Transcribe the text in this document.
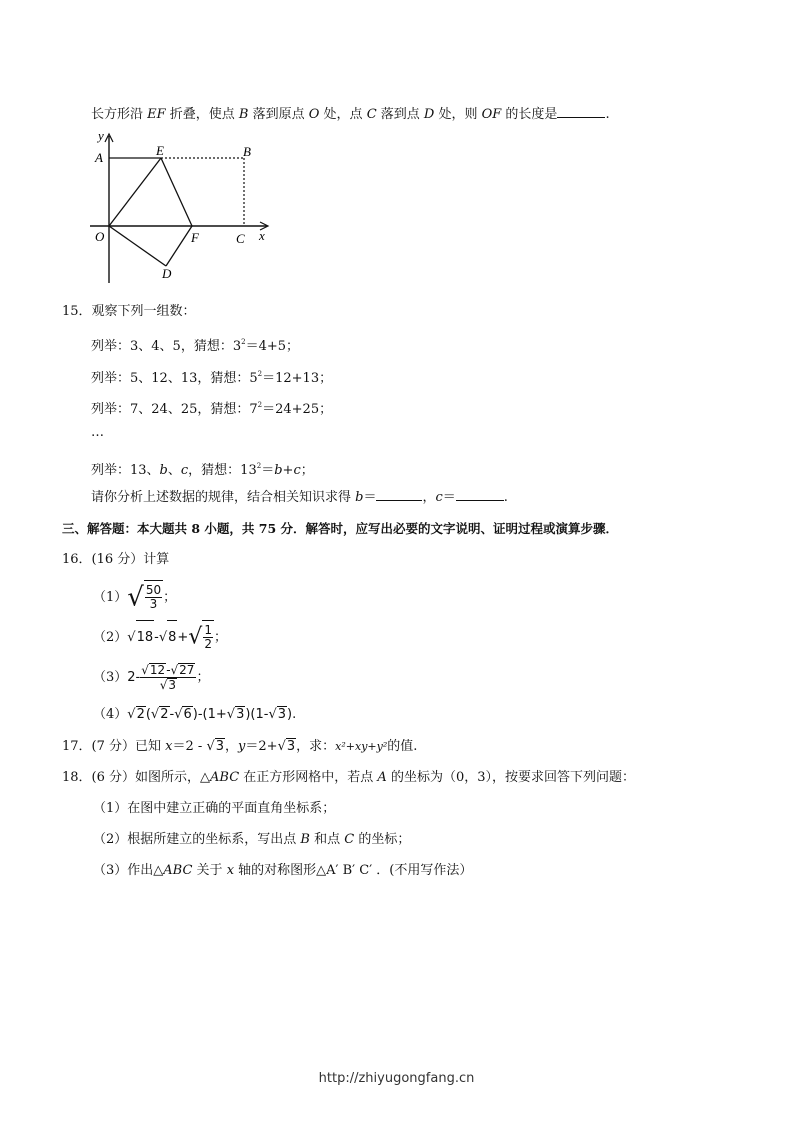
长方形沿 EF 折叠，使点 B 落到原点 O 处，点 C 落到点 D 处，则 OF 的长度是	.
y
A	E	B
O	F	C x
D
15．观察下列一组数：
列举：3、4、5，猜想：$3^2=4+5$；
列举：5、12、13，猜想：$5^2=12+13$；
列举：7、24、25，猜想：$7^2=24+25$；
…
列举：13、b、c，猜想：$13^2=b+c$；
请你分析上述数据的规律，结合相关知识求得 b＝	，c＝	.
三、解答题：本大题共 8 小题，共 75 分．解答时，应写出必要的文字说明、证明过程或演算步骤．
16．(16 分）计算
$(1)√ \frac{50}{3}$ ；
$(2)√18-√8+√ \frac{1}{2}$ ；
$(3)2- \frac{√12-√27}{√3}$ ；
（4）√2(√2-√6)-(1+√3)(1-√3).
17．(7 分）已知 x＝2 - √3，y＝2+√3，求：x²+xy+y²的值.
18．(6 分）如图所示，△ABC 在正方形网格中，若点 A 的坐标为（0，3），按要求回答下列问题：
（1）在图中建立正确的平面直角坐标系；
（2）根据所建立的坐标系，写出点 B 和点 C 的坐标；
（3）作出△ABC 关于 x 轴的对称图形△A′ B′ C′ ．(不用写作法）
http://zhiyugongfang.cn
